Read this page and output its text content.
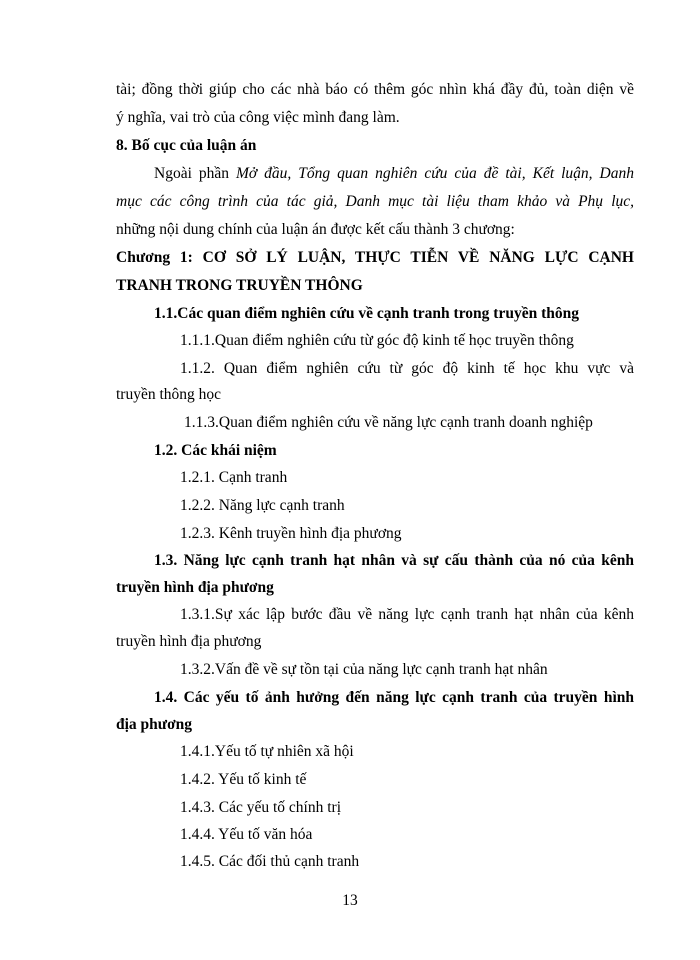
tài; đồng thời giúp cho các nhà báo có thêm góc nhìn khá đầy đủ, toàn diện về
ý nghĩa, vai trò của công việc mình đang làm.
8. Bố cục của luận án
Ngoài phần Mở đầu, Tổng quan nghiên cứu của đề tài, Kết luận, Danh
mục các công trình của tác giả, Danh mục tài liệu tham khảo và Phụ lục,
những nội dung chính của luận án được kết cấu thành 3 chương:
Chương 1: CƠ SỞ LÝ LUẬN, THỰC TIỄN VỀ NĂNG LỰC CẠNH
TRANH TRONG TRUYỀN THÔNG
1.1.Các quan điểm nghiên cứu về cạnh tranh trong truyền thông
1.1.1.Quan điểm nghiên cứu từ góc độ kinh tế học truyền thông
1.1.2. Quan điểm nghiên cứu từ góc độ kinh tế học khu vực và
truyền thông học
1.1.3.Quan điểm nghiên cứu về năng lực cạnh tranh doanh nghiệp
1.2. Các khái niệm
1.2.1. Cạnh tranh
1.2.2. Năng lực cạnh tranh
1.2.3. Kênh truyền hình địa phương
1.3. Năng lực cạnh tranh hạt nhân và sự cấu thành của nó của kênh
truyền hình địa phương
1.3.1.Sự xác lập bước đầu về năng lực cạnh tranh hạt nhân của kênh
truyền hình địa phương
1.3.2.Vấn đề về sự tồn tại của năng lực cạnh tranh hạt nhân
1.4. Các yếu tố ảnh hưởng đến năng lực cạnh tranh của truyền hình
địa phương
1.4.1.Yếu tố tự nhiên xã hội
1.4.2. Yếu tố kinh tế
1.4.3. Các yếu tố chính trị
1.4.4. Yếu tố văn hóa
1.4.5. Các đối thủ cạnh tranh
13
